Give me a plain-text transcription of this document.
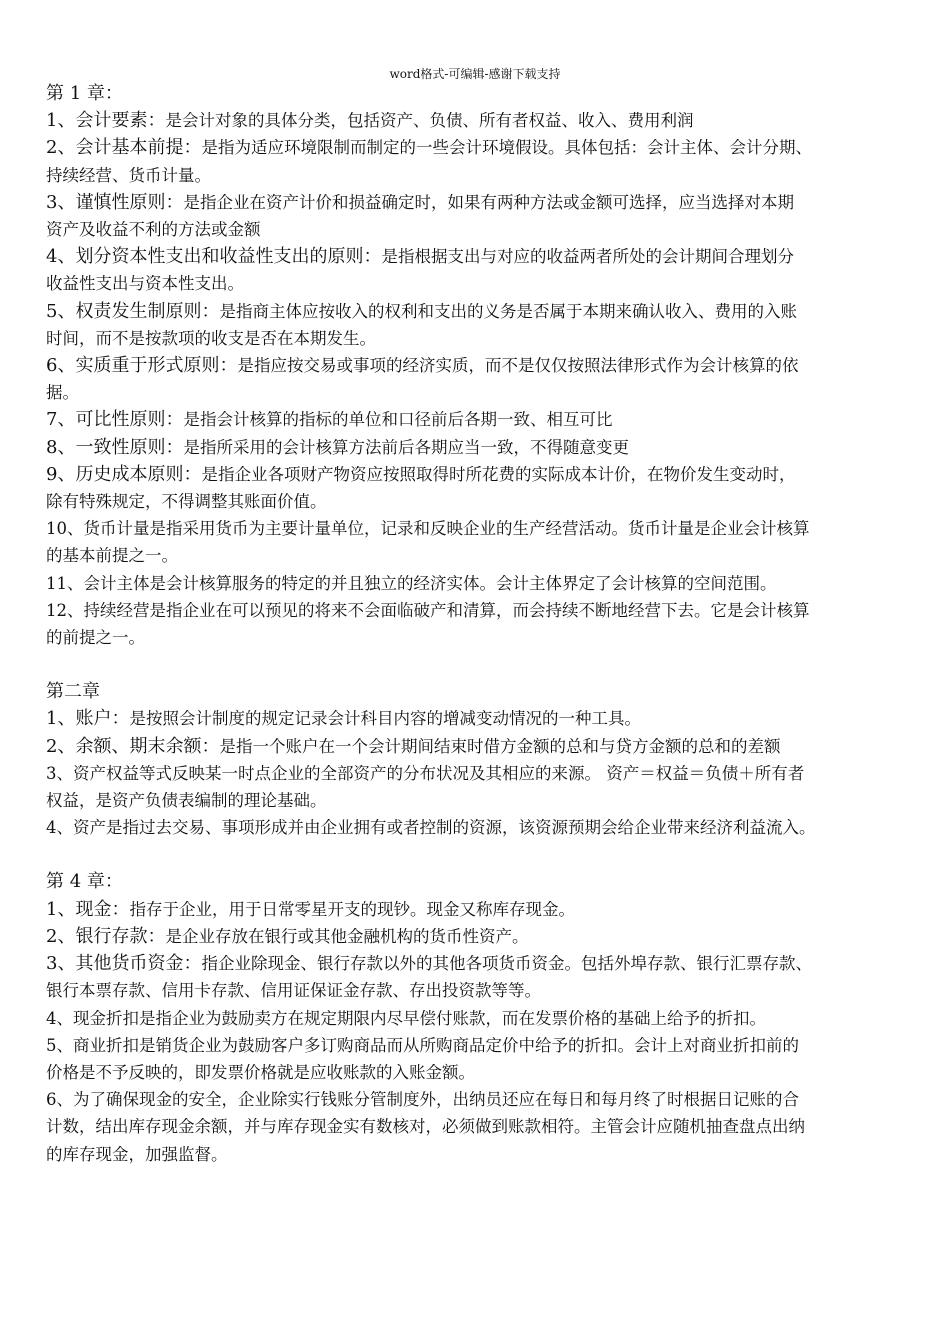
word格式-可编辑-感谢下载支持
第 1 章：
1、会计要素：是会计对象的具体分类，包括资产、负债、所有者权益、收入、费用利润
2、会计基本前提：是指为适应环境限制而制定的一些会计环境假设。具体包括：会计主体、会计分期、
持续经营、货币计量。
3、谨慎性原则：是指企业在资产计价和损益确定时，如果有两种方法或金额可选择，应当选择对本期
资产及收益不利的方法或金额
4、划分资本性支出和收益性支出的原则：是指根据支出与对应的收益两者所处的会计期间合理划分
收益性支出与资本性支出。
5、权责发生制原则：是指商主体应按收入的权利和支出的义务是否属于本期来确认收入、费用的入账
时间，而不是按款项的收支是否在本期发生。
6、实质重于形式原则：是指应按交易或事项的经济实质，而不是仅仅按照法律形式作为会计核算的依
据。
7、可比性原则：是指会计核算的指标的单位和口径前后各期一致、相互可比
8、一致性原则：是指所采用的会计核算方法前后各期应当一致，不得随意变更
9、历史成本原则：是指企业各项财产物资应按照取得时所花费的实际成本计价，在物价发生变动时，
除有特殊规定，不得调整其账面价值。
10、货币计量是指采用货币为主要计量单位，记录和反映企业的生产经营活动。货币计量是企业会计核算
的基本前提之一。
11、会计主体是会计核算服务的特定的并且独立的经济实体。会计主体界定了会计核算的空间范围。
12、持续经营是指企业在可以预见的将来不会面临破产和清算，而会持续不断地经营下去。它是会计核算
的前提之一。
第二章
1、账户：是按照会计制度的规定记录会计科目内容的增减变动情况的一种工具。
2、余额、期末余额：是指一个账户在一个会计期间结束时借方金额的总和与贷方金额的总和的差额
3、资产权益等式反映某一时点企业的全部资产的分布状况及其相应的来源。 资产＝权益＝负债＋所有者
权益，是资产负债表编制的理论基础。
4、资产是指过去交易、事项形成并由企业拥有或者控制的资源，该资源预期会给企业带来经济利益流入。
第 4 章：
1、现金：指存于企业，用于日常零星开支的现钞。现金又称库存现金。
2、银行存款：是企业存放在银行或其他金融机构的货币性资产。
3、其他货币资金：指企业除现金、银行存款以外的其他各项货币资金。包括外埠存款、银行汇票存款、
银行本票存款、信用卡存款、信用证保证金存款、存出投资款等等。
4、现金折扣是指企业为鼓励卖方在规定期限内尽早偿付账款，而在发票价格的基础上给予的折扣。
5、商业折扣是销货企业为鼓励客户多订购商品而从所购商品定价中给予的折扣。会计上对商业折扣前的
价格是不予反映的，即发票价格就是应收账款的入账金额。
6、为了确保现金的安全，企业除实行钱账分管制度外，出纳员还应在每日和每月终了时根据日记账的合
计数，结出库存现金余额，并与库存现金实有数核对，必须做到账款相符。主管会计应随机抽查盘点出纳
的库存现金，加强监督。
